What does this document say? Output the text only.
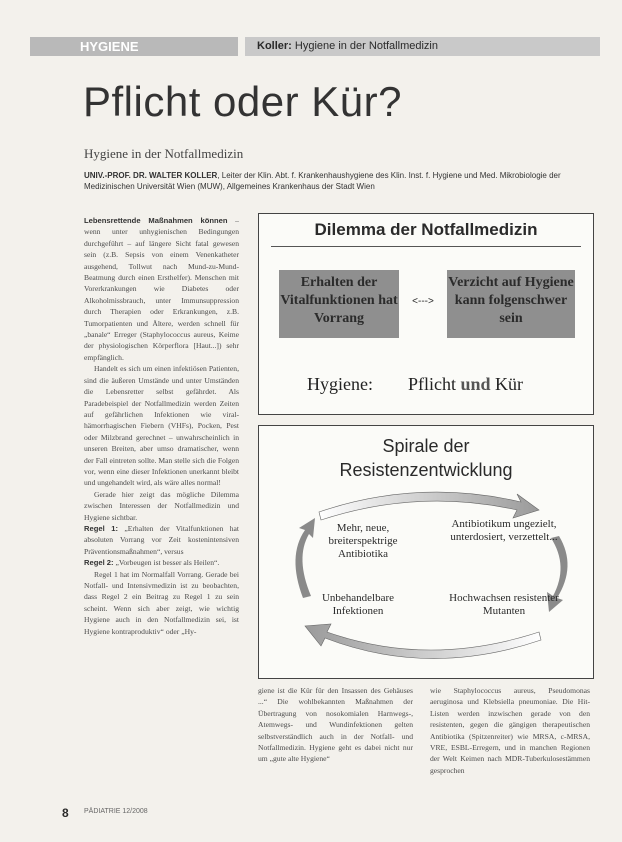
HYGIENE	Koller: Hygiene in der Notfallmedizin
Pflicht oder Kür?
Hygiene in der Notfallmedizin
UNIV.-PROF. DR. WALTER KOLLER, Leiter der Klin. Abt. f. Krankenhaushygiene des Klin. Inst. f. Hygiene und Med. Mikrobiologie der Medizinischen Universität Wien (MUW), Allgemeines Krankenhaus der Stadt Wien

Lebensrettende Maßnahmen können – wenn unter unhygienischen Bedingungen durchgeführt – auf längere Sicht fatal gewesen sein (z.B. Sepsis von einem Venenkatheter ausgehend, Tollwut nach Mund-zu-Mund-Beatmung durch einen Ersthelfer). Menschen mit Vorerkrankungen wie Diabetes oder Alkoholmissbrauch, unter Immunsuppression durch Therapien oder Erkrankungen, z.B. Tumorpatienten und Ältere, werden schnell für „banale“ Erreger (Staphylococcus aureus, Keime der physiologischen Körperflora [Haut...]) sehr empfänglich.

Handelt es sich um einen infektiösen Patienten, sind die äußeren Umstände und unter Umständen die Lebensretter selbst gefährdet. Als Paradebeispiel der Notfallmedizin werden Zeiten auf gefährlichen Infektionen wie viral-hämorrhagischen Fiebern (VHFs), Pocken, Pest oder Milzbrand gerechnet – unwahrscheinlich in unseren Breiten, aber umso dramatischer, wenn der Fall eintreten sollte. Man stelle sich die Folgen vor, wenn eine dieser Infektionen unerkannt bleibt und ungehandelt wird, als wäre alles normal!

Gerade hier zeigt das mögliche Dilemma zwischen Interessen der Notfallmedizin und Hygiene sichtbar.

Regel 1: „Erhalten der Vitalfunktionen hat absoluten Vorrang vor Zeit kostenintensiven Präventionsmaßnahmen“, versus

Regel 2: „Vorbeugen ist besser als Heilen“.

Regel 1 hat im Normalfall Vorrang. Gerade bei Notfall- und Intensivmedizin ist zu beobachten, dass Regel 2 ein Beitrag zu Regel 1 zu sein scheint. Wenn sich aber zeigt, wie wichtig Hygiene auch in den Notfallmedizin sei, ist Hygiene kontraproduktiv“ oder „Hy-

Dilemma der Notfallmedizin
Erhalten der Vitalfunktionen hat Vorrang
<--->
Verzicht auf Hygiene kann folgenschwer sein
Hygiene: Pflicht und Kür
Spirale der
Resistenzentwicklung
Mehr, neue, breiterspektrige Antibiotika
Antibiotikum ungezielt, unterdosiert, verzettelt...
Unbehandelbare Infektionen
Hochwachsen resistenter Mutanten
giene ist die Kür für den Insassen des Gehäuses ...“ Die wohlbekannten Maßnahmen der Übertragung von nosokomialen Harnwegs-, Atemwegs- und Wundinfektionen gelten selbstverständlich auch in der Notfall- und Notfallmedizin. Hygiene geht es dabei nicht nur um „gute alte Hygiene“
wie Staphylococcus aureus, Pseudomonas aeruginosa und Klebsiella pneumoniae. Die Hit-Listen werden inzwischen gerade von den resistenten, gegen die gängigen therapeutischen Antibiotika (Spitzenreiter) wie MRSA, c-MRSA, VRE, ESBL-Erregern, und in manchen Regionen der Welt Keimen nach MDR-Tuberkulosestämmen gesprochen
8 PÄDIATRIE 12/2008
